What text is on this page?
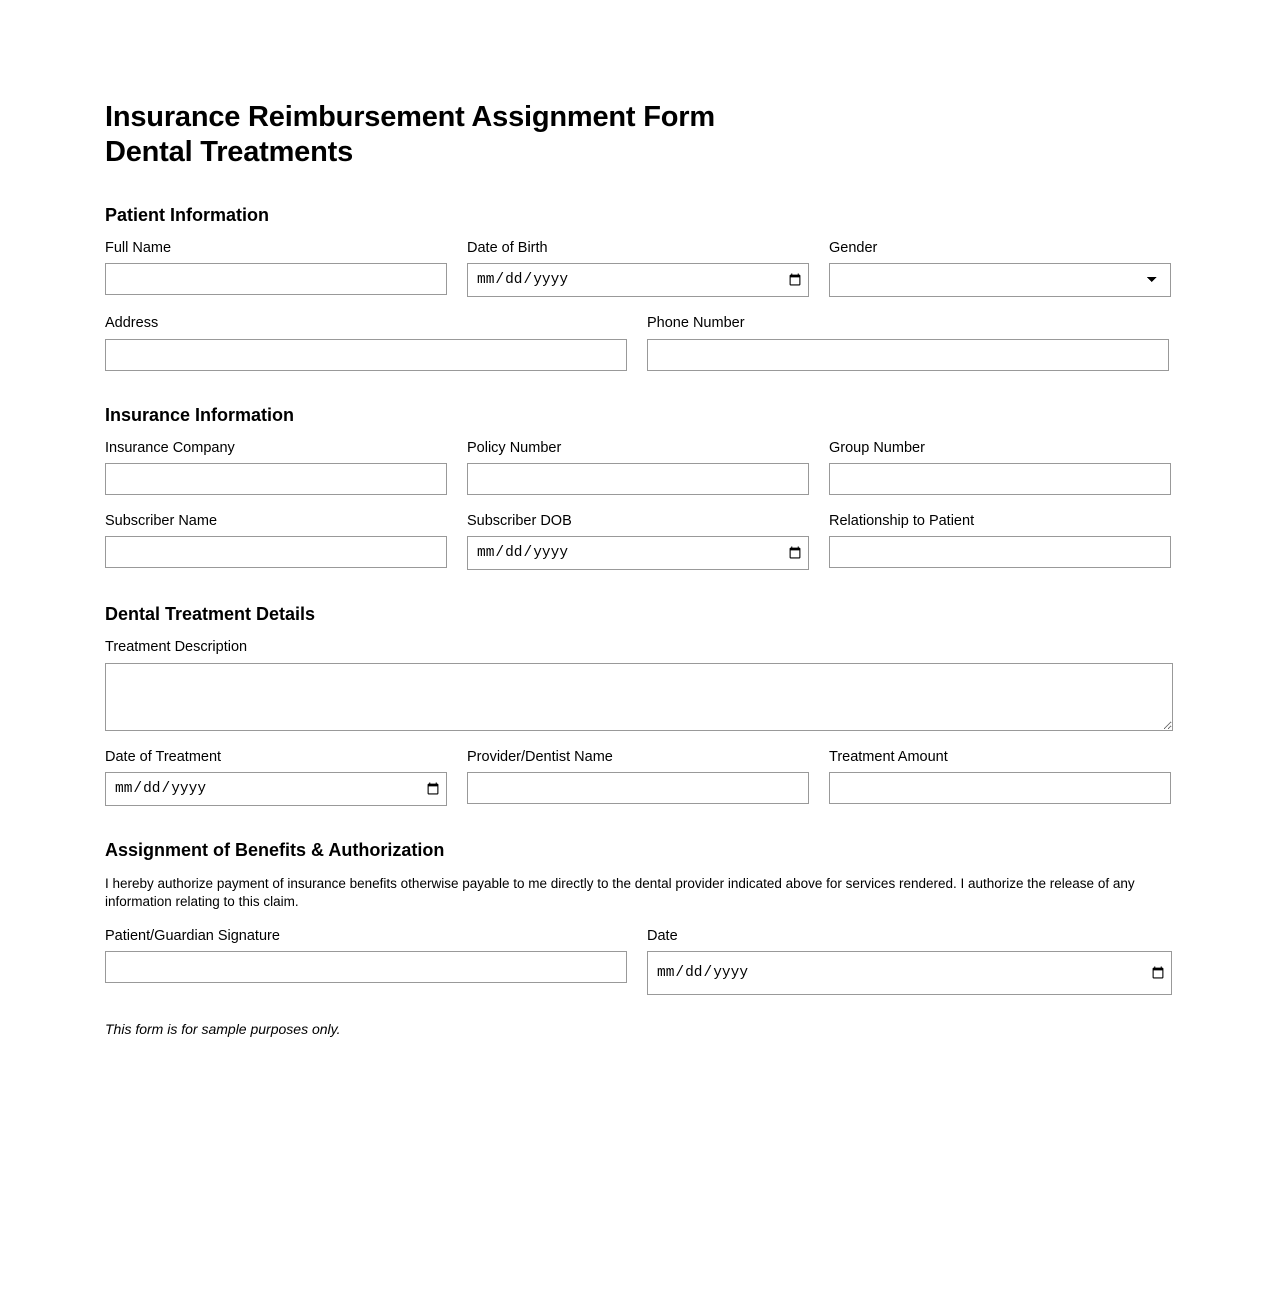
Insurance Reimbursement Assignment Form
Dental Treatments
Patient Information
Full Name	Date of Birth	Gender
Address	Phone Number
Insurance Information
Insurance Company	Policy Number	Group Number
Subscriber Name	Subscriber DOB	Relationship to Patient
Dental Treatment Details
Treatment Description
Date of Treatment	Provider/Dentist Name	Treatment Amount
Assignment of Benefits & Authorization

I hereby authorize payment of insurance benefits otherwise payable to me directly to the dental provider indicated above for services rendered. I authorize the release of any information relating to this claim.

Patient/Guardian Signature	Date
This form is for sample purposes only.
